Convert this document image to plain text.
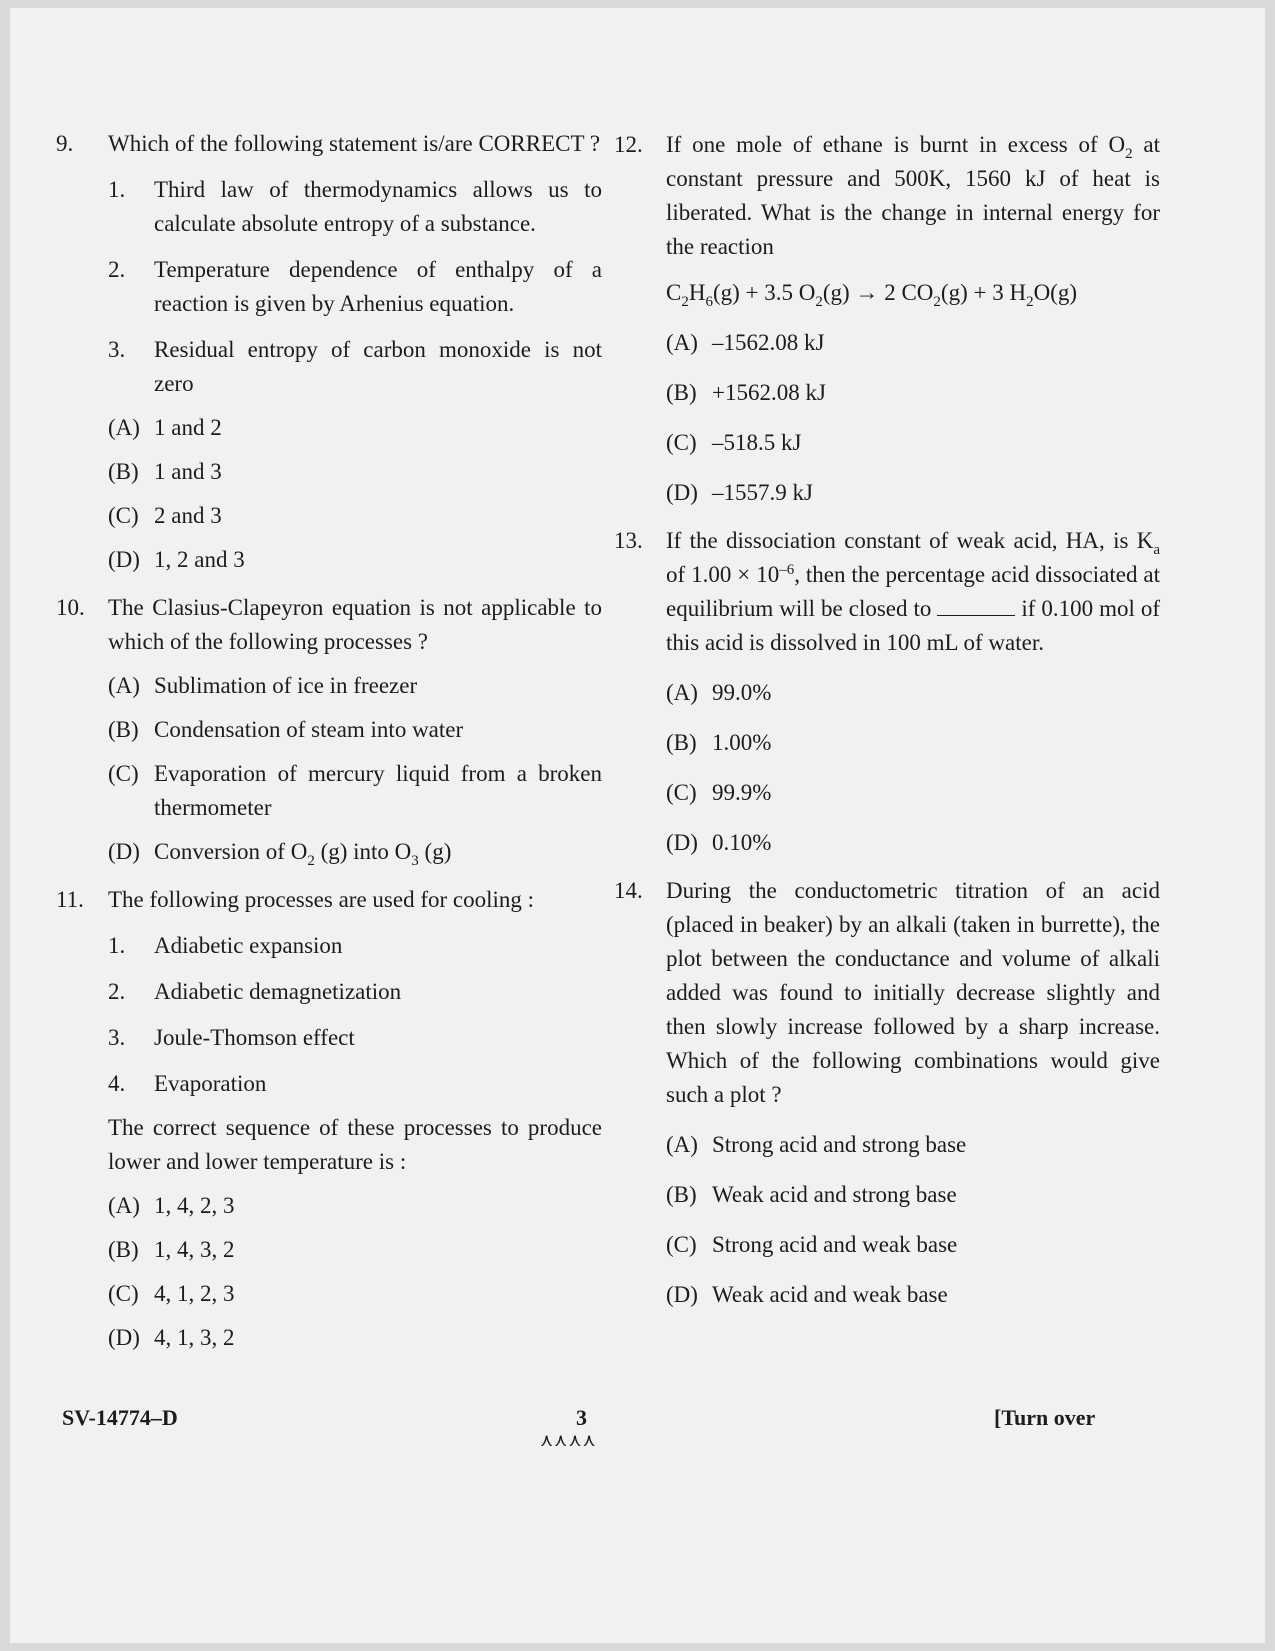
9.	Which of the following statement is/are CORRECT ?
1.	Third law of thermodynamics allows us to calculate absolute entropy of a substance.
2.	Temperature dependence of enthalpy of a reaction is given by Arhenius equation.
3.	Residual entropy of carbon monoxide is not zero
(A) 1 and 2
(B) 1 and 3
(C) 2 and 3
(D) 1, 2 and 3
10.	The Clasius-Clapeyron equation is not applicable to which of the following processes ?
(A) Sublimation of ice in freezer
(B) Condensation of steam into water
(C) Evaporation of mercury liquid from a broken thermometer
(D) Conversion of $O_2$ (g) into $O_3$ (g)
11.	The following processes are used for cooling :
1.	Adiabetic expansion
2.	Adiabetic demagnetization
3.	Joule-Thomson effect
4.	Evaporation
The correct sequence of these processes to produce lower and lower temperature is :
(A) 1, 4, 2, 3
(B) 1, 4, 3, 2
(C) 4, 1, 2, 3
(D) 4, 1, 3, 2
12.	If one mole of ethane is burnt in excess of $O_2$ at constant pressure and 500K, 1560 kJ of heat is liberated. What is the change in internal energy for the reaction
$C_2H_6(g) + 3.5$ $O_2(g) \to 2$ $CO_2(g) + 3$ $H_2O(g)$
(A) –1562.08 kJ
(B) +1562.08 kJ
(C) –518.5 kJ
(D) –1557.9 kJ
13.	If the dissociation constant of weak acid, HA, is $K_a$ of $1.00 \times 10^{-6}$, then the percentage acid dissociated at equilibrium will be closed to	if 0.100 mol of this acid is dissolved in 100 mL of water.
(A) 99.0%
(B) 1.00%
(C) 99.9%
(D) 0.10%
14.	During the conductometric titration of an acid (placed in beaker) by an alkali (taken in burrette), the plot between the conductance and volume of alkali added was found to initially decrease slightly and then slowly increase followed by a sharp increase. Which of the following combinations would give such a plot ?
(A) Strong acid and strong base
(B) Weak acid and strong base
(C) Strong acid and weak base
(D) Weak acid and weak base
SV-14774–D	3
⋏⋏⋏⋏
[Turn over
